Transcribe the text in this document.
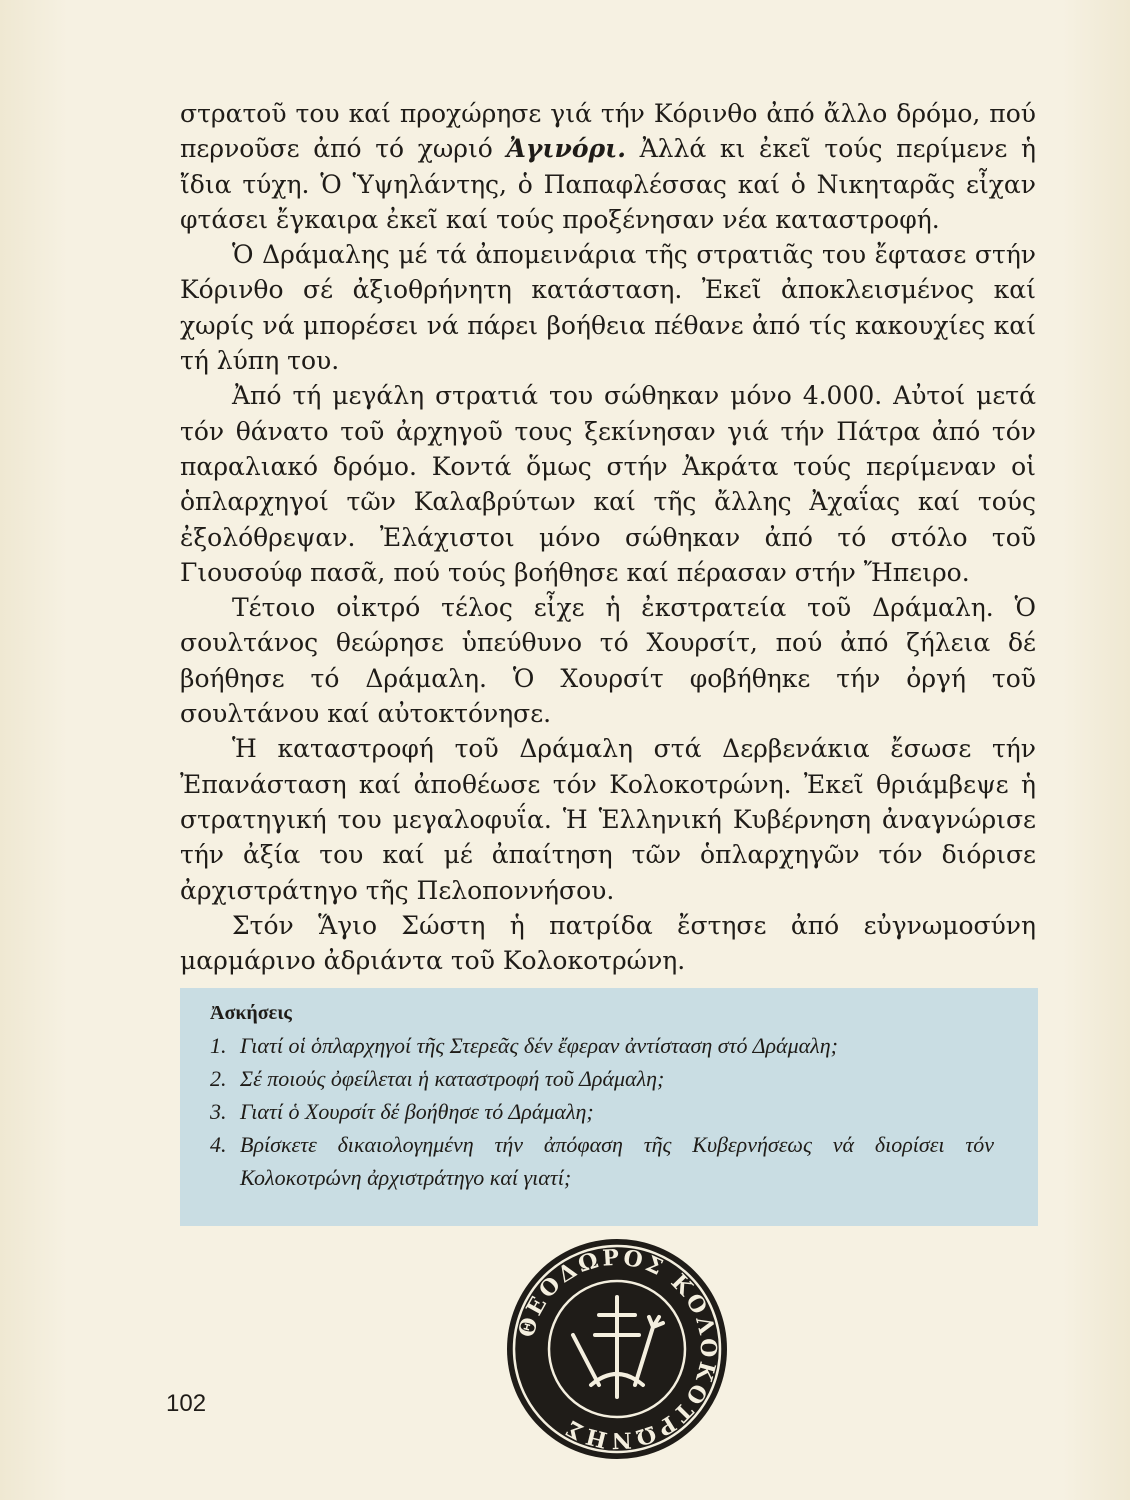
στρατοῦ του καί προχώρησε γιά τήν Κόρινθο ἀπό ἄλλο δρόμο, πού περνοῦσε ἀπό τό χωριό Ἀγινόρι. Ἀλλά κι ἐκεῖ τούς περίμενε ἡ ἴδια τύχη. Ὁ Ὑψηλάντης, ὁ Παπαφλέσσας καί ὁ Νικηταρᾶς εἶχαν φτάσει ἔγκαιρα ἐκεῖ καί τούς προξένησαν νέα καταστροφή.

Ὁ Δράμαλης μέ τά ἀπομεινάρια τῆς στρατιᾶς του ἔφτασε στήν Κόρινθο σέ ἀξιοθρήνητη κατάσταση. Ἐκεῖ ἀποκλεισμένος καί χωρίς νά μπορέσει νά πάρει βοήθεια πέθανε ἀπό τίς κακουχίες καί τή λύπη του.

Ἀπό τή μεγάλη στρατιά του σώθηκαν μόνο 4.000. Αὐτοί μετά τόν θάνατο τοῦ ἀρχηγοῦ τους ξεκίνησαν γιά τήν Πάτρα ἀπό τόν παραλιακό δρόμο. Κοντά ὅμως στήν Ἀκράτα τούς περίμεναν οἱ ὁπλαρχηγοί τῶν Καλαβρύτων καί τῆς ἄλλης Ἀχαΐας καί τούς ἐξολόθρεψαν. Ἐλάχιστοι μόνο σώθηκαν ἀπό τό στόλο τοῦ Γιουσούφ πασᾶ, πού τούς βοήθησε καί πέρασαν στήν Ἤπειρο.

Τέτοιο οἰκτρό τέλος εἶχε ἡ ἐκστρατεία τοῦ Δράμαλη. Ὁ σουλτάνος θεώρησε ὑπεύθυνο τό Χουρσίτ, πού ἀπό ζήλεια δέ βοήθησε τό Δράμαλη. Ὁ Χουρσίτ φοβήθηκε τήν ὀργή τοῦ σουλτάνου καί αὐτοκτόνησε.

Ἡ καταστροφή τοῦ Δράμαλη στά Δερβενάκια ἔσωσε τήν Ἐπανάσταση καί ἀποθέωσε τόν Κολοκοτρώνη. Ἐκεῖ θριάμβεψε ἡ στρατηγική του μεγαλοφυΐα. Ἡ Ἑλληνική Κυβέρνηση ἀναγνώρισε τήν ἀξία του καί μέ ἀπαίτηση τῶν ὁπλαρχηγῶν τόν διόρισε ἀρχιστράτηγο τῆς Πελοποννήσου.

Στόν Ἅγιο Σώστη ἡ πατρίδα ἔστησε ἀπό εὐγνωμοσύνη μαρμάρινο ἀδριάντα τοῦ Κολοκοτρώνη.

Ἀσκήσεις
1. Γιατί οἱ ὁπλαρχηγοί τῆς Στερεᾶς δέν ἔφεραν ἀντίσταση στό Δράμαλη;
2. Σέ ποιούς ὀφείλεται ἡ καταστροφή τοῦ Δράμαλη;
3. Γιατί ὁ Χουρσίτ δέ βοήθησε τό Δράμαλη;
4. Βρίσκετε δικαιολογημένη τήν ἀπόφαση τῆς Κυβερνήσεως νά διορίσει τόν Κολοκοτρώνη ἀρχιστράτηγο καί γιατί;
102
ΘΕΟΔΩΡΟΣ ΚΟΛΟΚΟΤΡΩΝΗΣ
